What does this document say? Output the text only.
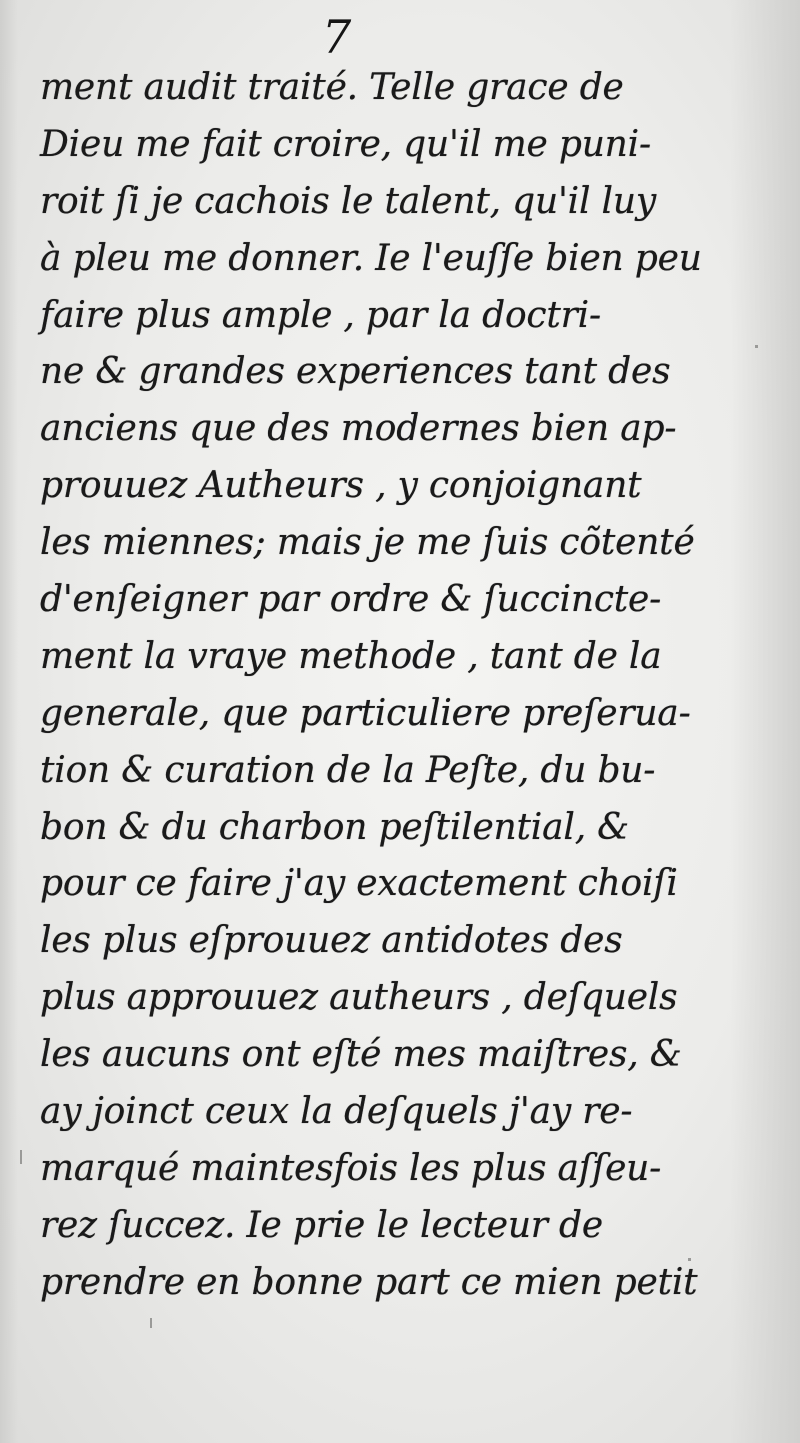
7
ment audit traité. Telle grace de
Dieu me fait croire, qu'il me puni-
roit ſi je cachois le talent, qu'il luy
à pleu me donner. Ie l'euſſe bien peu
faire plus ample , par la doctri-
ne & grandes experiences tant des
anciens que des modernes bien ap-
prouuez Autheurs , y conjoignant
les miennes; mais je me ſuis cõtenté
d'enſeigner par ordre & ſuccinctе-
ment la vraye methode , tant de la
generale, que particuliere preſerua-
tion & curation de la Peſte, du bu-
bon & du charbon peſtilential, &
pour ce faire j'ay exactement choiſi
les plus eſprouuez antidotes des
plus approuuez autheurs , deſquels
les aucuns ont eſté mes maiſtres, &
ay joinct ceux la deſquels j'ay re-
marqué maintesfois les plus aſſeu-
rez ſuccez. Ie prie le lecteur de
prendre en bonne part ce mien petit
